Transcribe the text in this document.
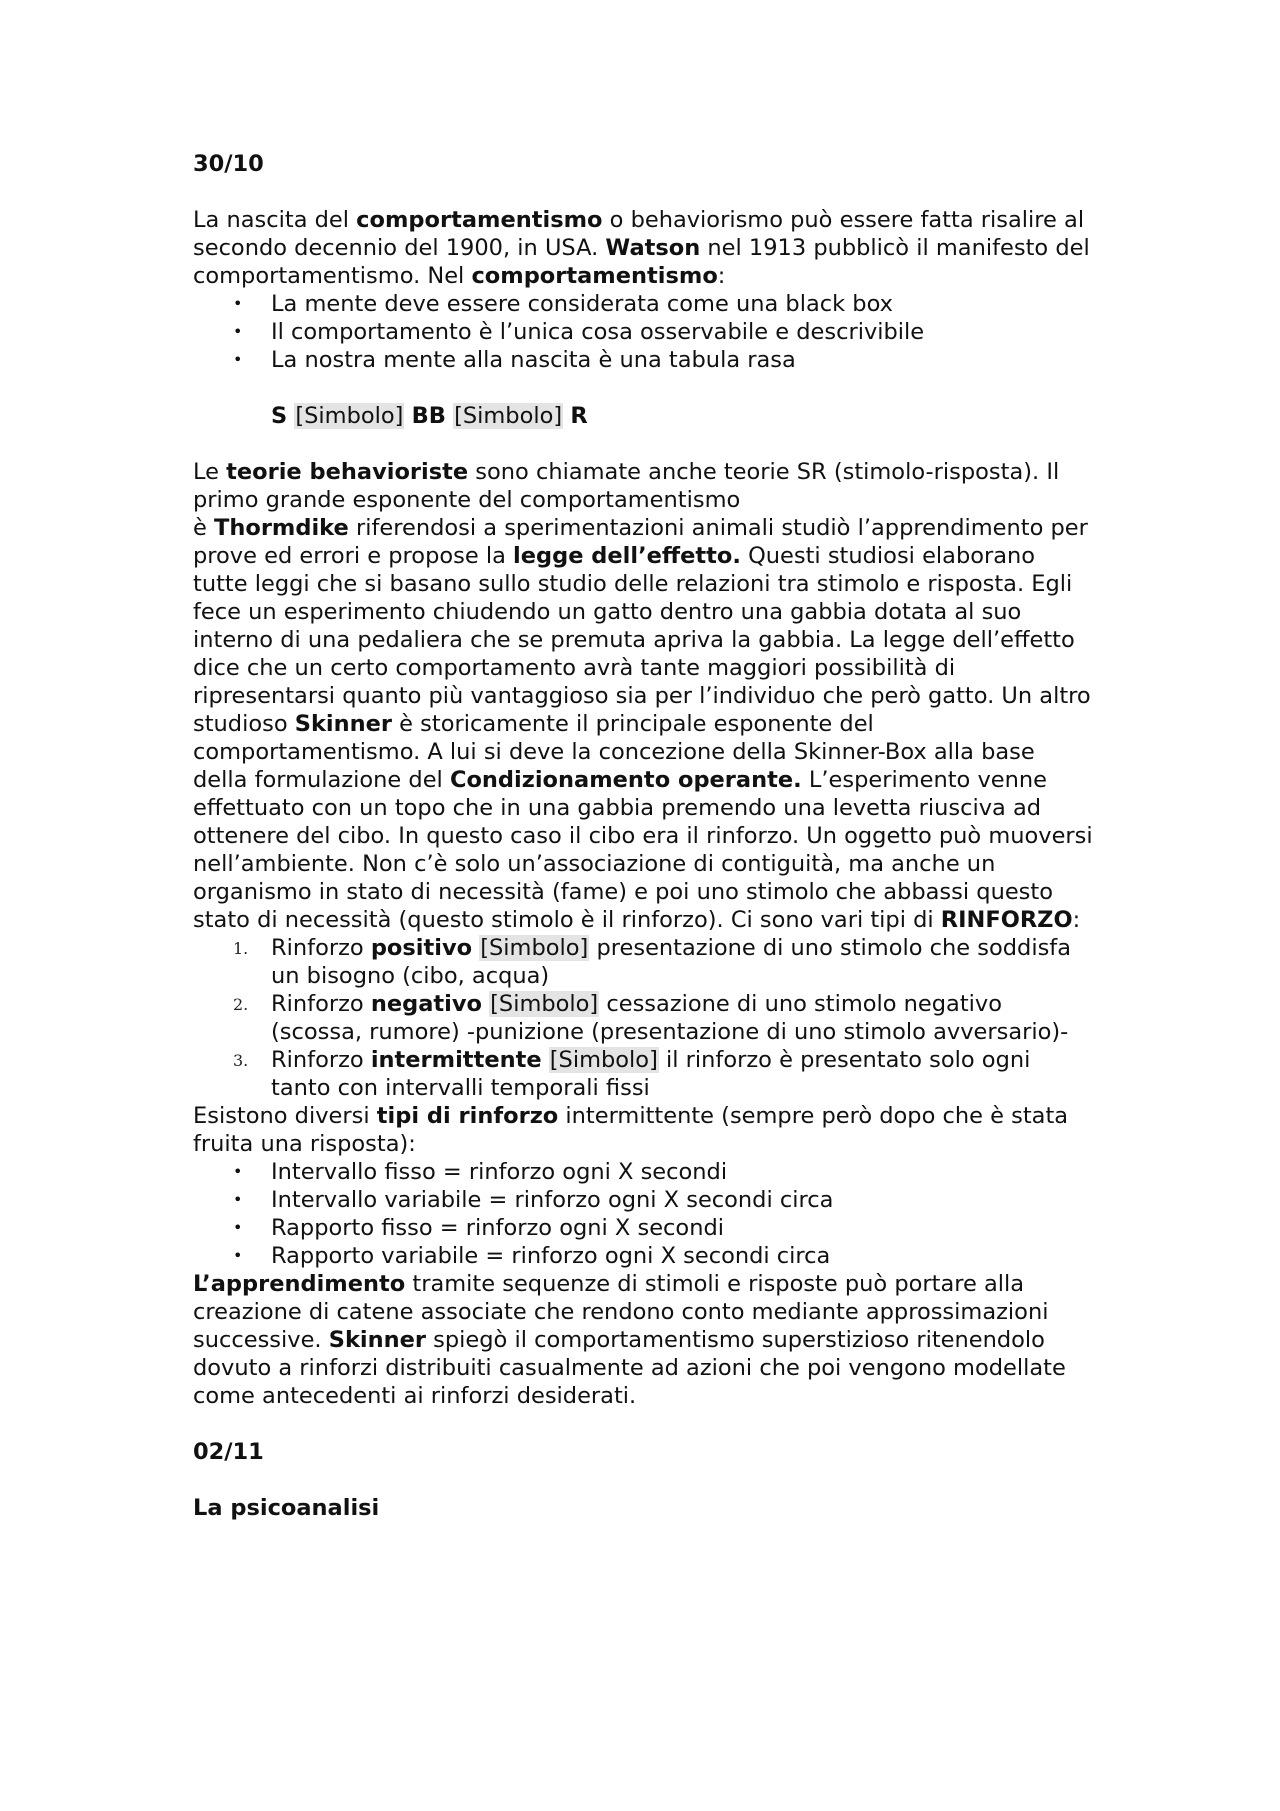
30/10

La nascita del comportamentismo o behaviorismo può essere fatta risalire al secondo decennio del 1900, in USA. Watson nel 1913 pubblicò il manifesto del comportamentismo. Nel comportamentismo:

• La mente deve essere considerata come una black box
• Il comportamento è l’unica cosa osservabile e descrivibile
• La nostra mente alla nascita è una tabula rasa

S [Simbolo] BB [Simbolo] R

Le teorie behavioriste sono chiamate anche teorie SR (stimolo-risposta). Il primo grande esponente del comportamentismo
è Thormdike riferendosi a sperimentazioni animali studiò l’apprendimento per prove ed errori e propose la legge dell’effetto. Questi studiosi elaborano tutte leggi che si basano sullo studio delle relazioni tra stimolo e risposta. Egli fece un esperimento chiudendo un gatto dentro una gabbia dotata al suo interno di una pedaliera che se premuta apriva la gabbia. La legge dell’effetto dice che un certo comportamento avrà tante maggiori possibilità di ripresentarsi quanto più vantaggioso sia per l’individuo che però gatto. Un altro studioso Skinner è storicamente il principale esponente del comportamentismo. A lui si deve la concezione della Skinner-Box alla base della formulazione del Condizionamento operante. L’esperimento venne effettuato con un topo che in una gabbia premendo una levetta riusciva ad ottenere del cibo. In questo caso il cibo era il rinforzo. Un oggetto può muoversi nell’ambiente. Non c’è solo un’associazione di contiguità, ma anche un organismo in stato di necessità (fame) e poi uno stimolo che abbassi questo stato di necessità (questo stimolo è il rinforzo). Ci sono vari tipi di RINFORZO:

1. Rinforzo positivo [Simbolo] presentazione di uno stimolo che soddisfa un bisogno (cibo, acqua)
2. Rinforzo negativo [Simbolo] cessazione di uno stimolo negativo (scossa, rumore) -punizione (presentazione di uno stimolo avversario)-
3. Rinforzo intermittente [Simbolo] il rinforzo è presentato solo ogni tanto con intervalli temporali fissi

Esistono diversi tipi di rinforzo intermittente (sempre però dopo che è stata fruita una risposta):

• Intervallo fisso = rinforzo ogni X secondi
• Intervallo variabile = rinforzo ogni X secondi circa
• Rapporto fisso = rinforzo ogni X secondi
• Rapporto variabile = rinforzo ogni X secondi circa

L’apprendimento tramite sequenze di stimoli e risposte può portare alla creazione di catene associate che rendono conto mediante approssimazioni successive. Skinner spiegò il comportamentismo superstizioso ritenendolo dovuto a rinforzi distribuiti casualmente ad azioni che poi vengono modellate come antecedenti ai rinforzi desiderati.

02/11

La psicoanalisi
